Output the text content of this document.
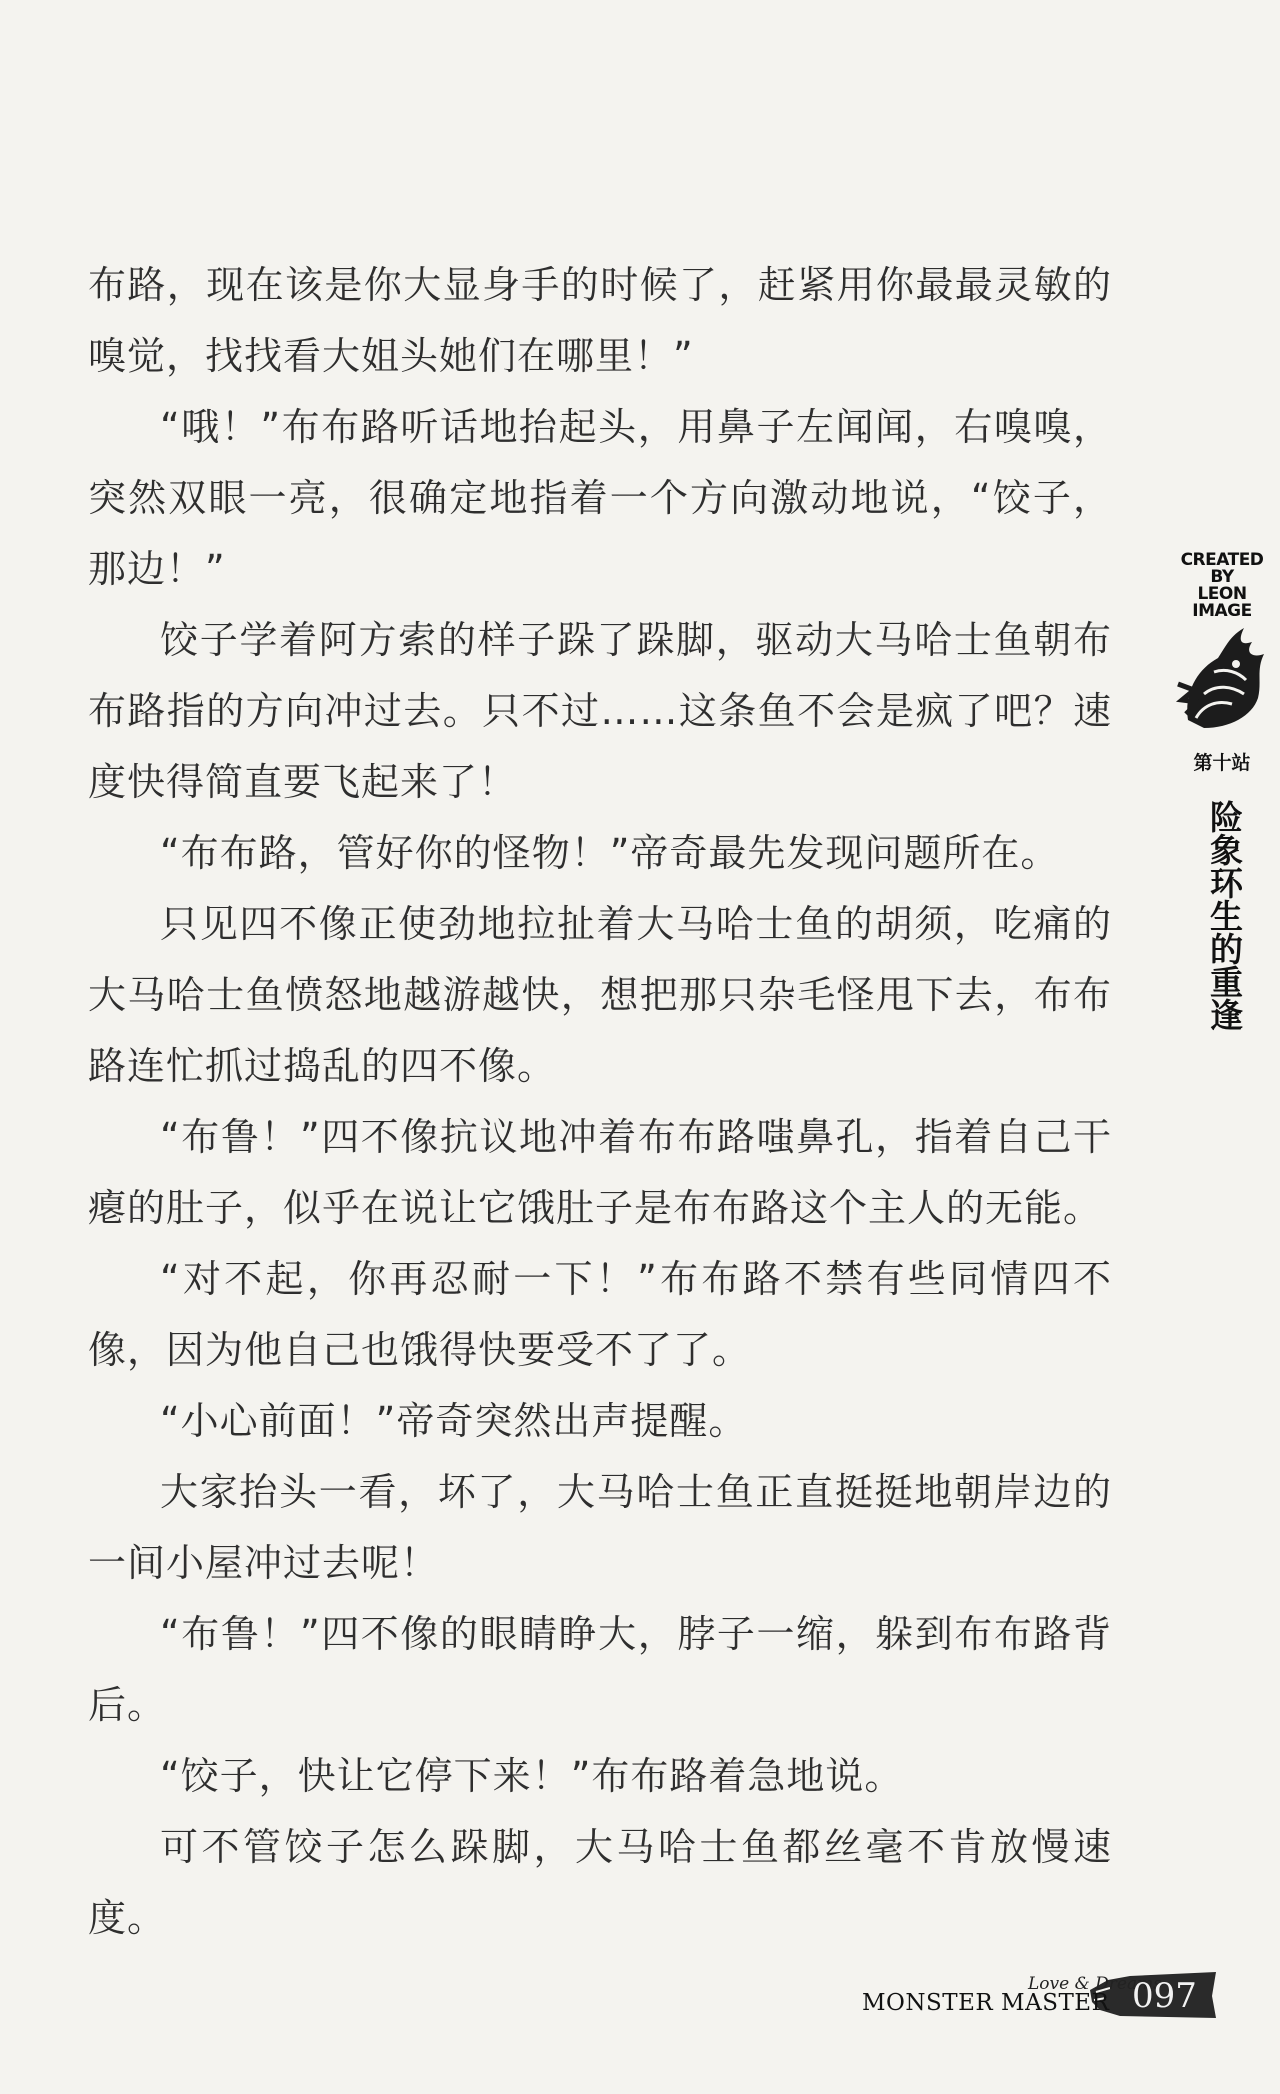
布路，现在该是你大显身手的时候了，赶紧用你最最灵敏的嗅觉，找找看大姐头她们在哪里！”

“哦！”布布路听话地抬起头，用鼻子左闻闻，右嗅嗅，突然双眼一亮，很确定地指着一个方向激动地说，“饺子，那边！”

饺子学着阿方索的样子跺了跺脚，驱动大马哈士鱼朝布布路指的方向冲过去。只不过……这条鱼不会是疯了吧？速度快得简直要飞起来了！

“布布路，管好你的怪物！”帝奇最先发现问题所在。

只见四不像正使劲地拉扯着大马哈士鱼的胡须，吃痛的大马哈士鱼愤怒地越游越快，想把那只杂毛怪甩下去，布布路连忙抓过捣乱的四不像。

“布鲁！”四不像抗议地冲着布布路嗤鼻孔，指着自己干瘪的肚子，似乎在说让它饿肚子是布布路这个主人的无能。

“对不起，你再忍耐一下！”布布路不禁有些同情四不像，因为他自己也饿得快要受不了了。

“小心前面！”帝奇突然出声提醒。

大家抬头一看，坏了，大马哈士鱼正直挺挺地朝岸边的一间小屋冲过去呢！

“布鲁！”四不像的眼睛睁大，脖子一缩，躲到布布路背后。

“饺子，快让它停下来！”布布路着急地说。

可不管饺子怎么跺脚，大马哈士鱼都丝毫不肯放慢速度。

CREATED
BY
LEON
IMAGE
第十站
险象环生的重逢
Love & Dreams
MONSTER MASTER 097
